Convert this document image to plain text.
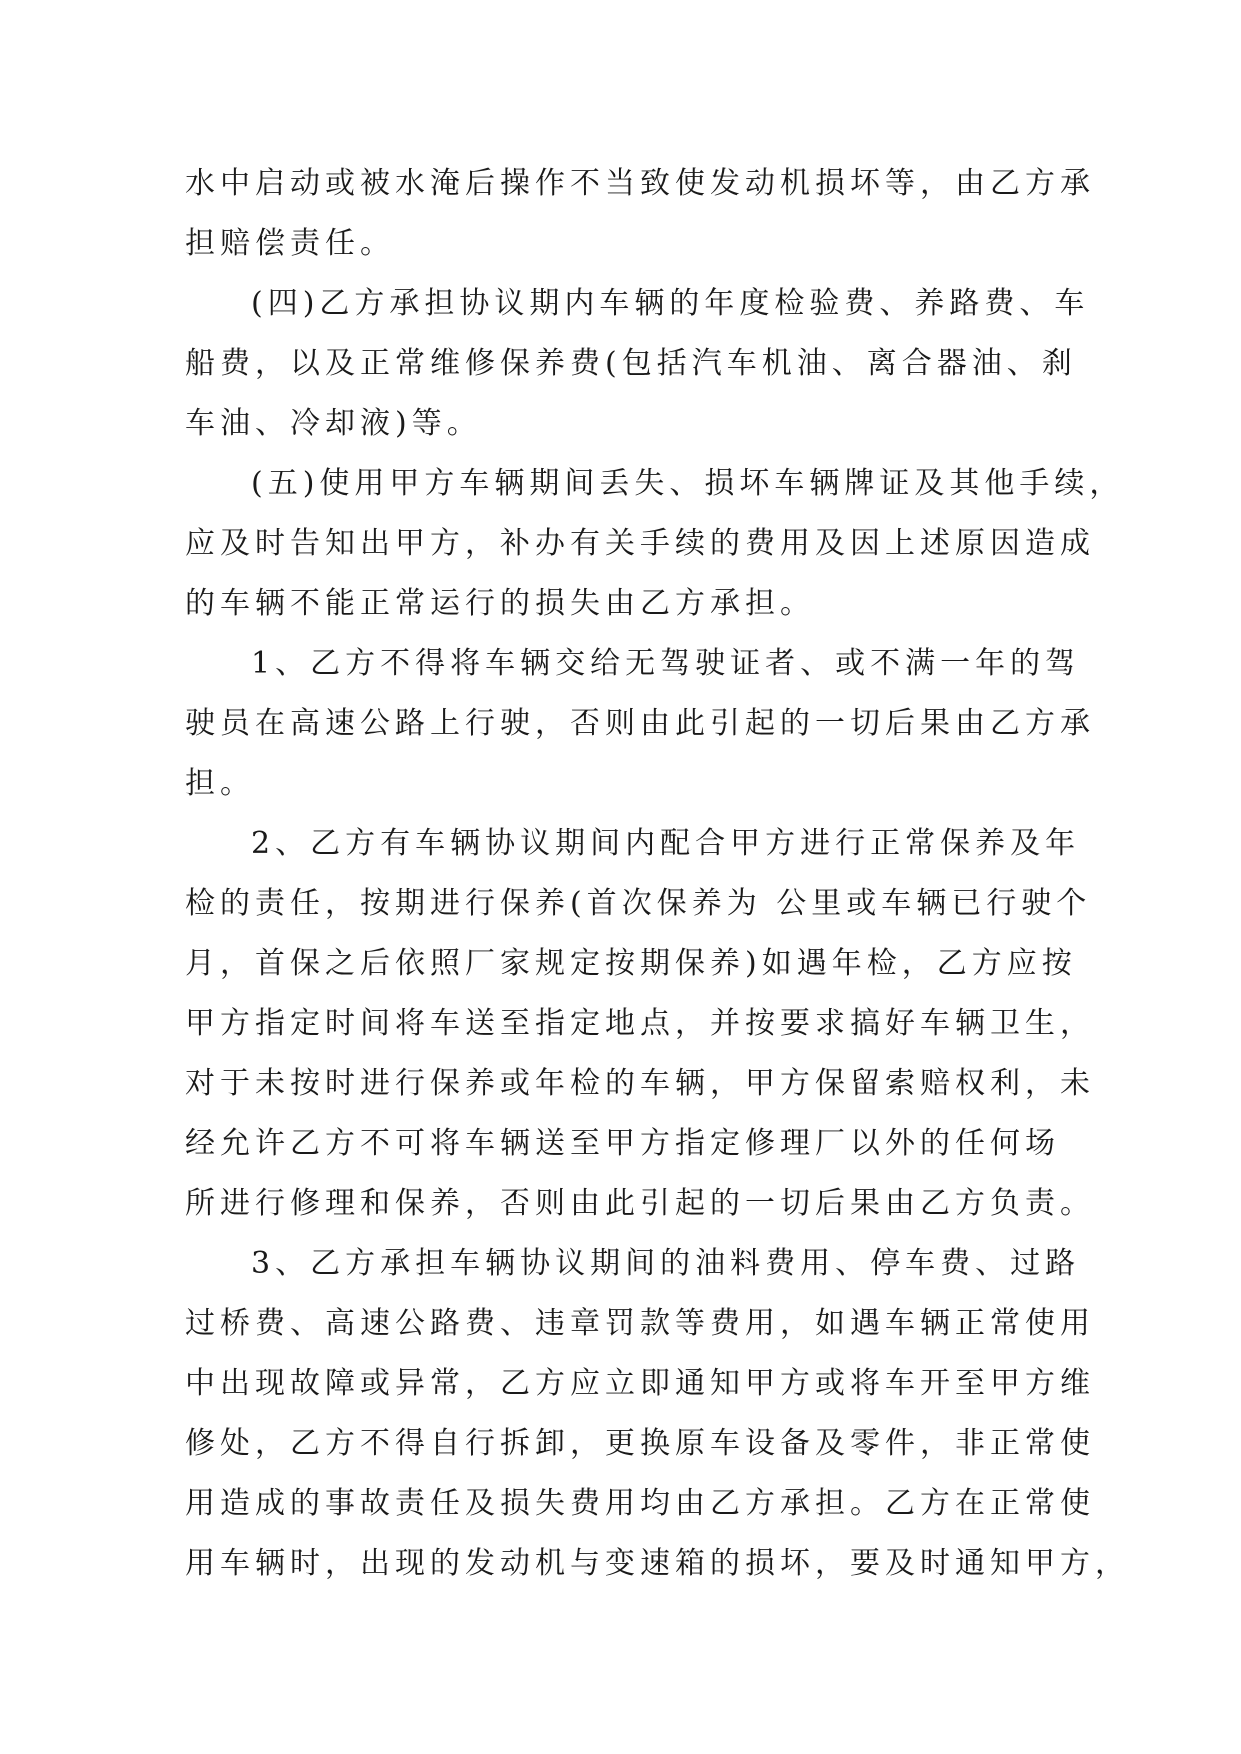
水中启动或被水淹后操作不当致使发动机损坏等，由乙方承
担赔偿责任。
(四)乙方承担协议期内车辆的年度检验费、养路费、车
船费，以及正常维修保养费(包括汽车机油、离合器油、刹
车油、冷却液)等。
(五)使用甲方车辆期间丢失、损坏车辆牌证及其他手续，
应及时告知出甲方，补办有关手续的费用及因上述原因造成
的车辆不能正常运行的损失由乙方承担。
1、乙方不得将车辆交给无驾驶证者、或不满一年的驾
驶员在高速公路上行驶，否则由此引起的一切后果由乙方承
担。
2、乙方有车辆协议期间内配合甲方进行正常保养及年
检的责任，按期进行保养(首次保养为 公里或车辆已行驶个
月，首保之后依照厂家规定按期保养)如遇年检，乙方应按
甲方指定时间将车送至指定地点，并按要求搞好车辆卫生，
对于未按时进行保养或年检的车辆，甲方保留索赔权利，未
经允许乙方不可将车辆送至甲方指定修理厂以外的任何场
所进行修理和保养，否则由此引起的一切后果由乙方负责。
3、乙方承担车辆协议期间的油料费用、停车费、过路
过桥费、高速公路费、违章罚款等费用，如遇车辆正常使用
中出现故障或异常，乙方应立即通知甲方或将车开至甲方维
修处，乙方不得自行拆卸，更换原车设备及零件，非正常使
用造成的事故责任及损失费用均由乙方承担。乙方在正常使
用车辆时，出现的发动机与变速箱的损坏，要及时通知甲方，
